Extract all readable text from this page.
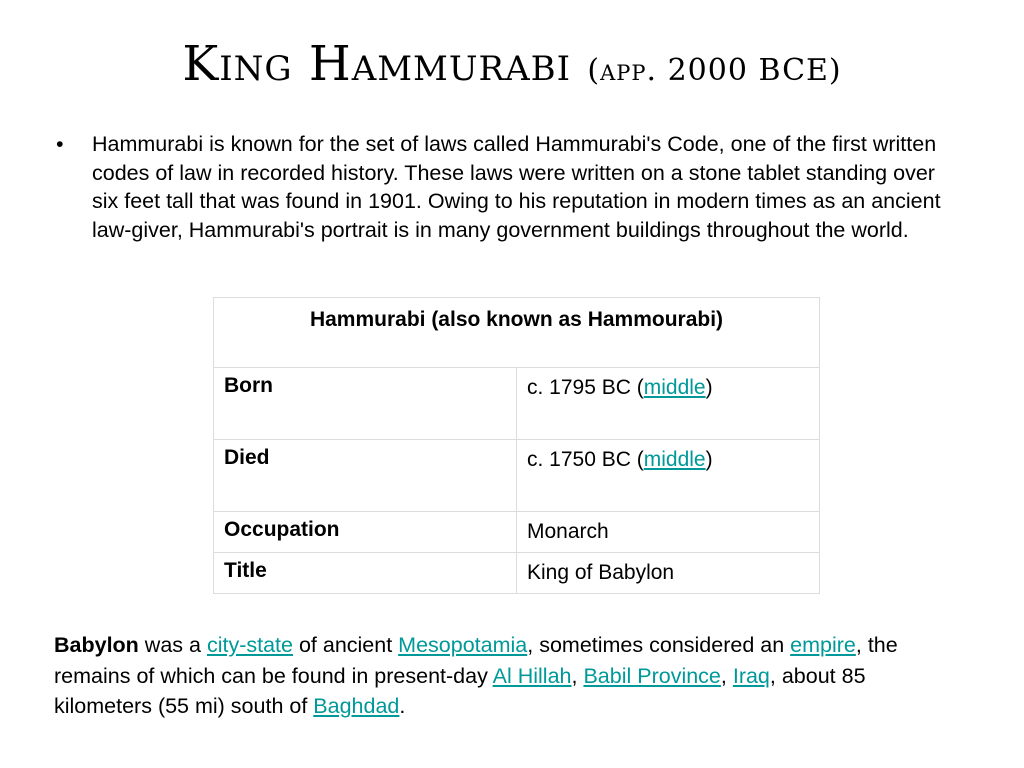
King Hammurabi (app. 2000 BCE)
• Hammurabi is known for the set of laws called Hammurabi's Code, one of the first written codes of law in recorded history. These laws were written on a stone tablet standing over six feet tall that was found in 1901. Owing to his reputation in modern times as an ancient law-giver, Hammurabi's portrait is in many government buildings throughout the world.
Hammurabi (also known as Hammourabi)	
Born	c. 1795 BC (middle)
Died	c. 1750 BC (middle)
Occupation	Monarch
Title	King of Babylon
Babylon was a city-state of ancient Mesopotamia, sometimes considered an empire, the remains of which can be found in present-day Al Hillah, Babil Province, Iraq, about 85 kilometers (55 mi) south of Baghdad.
